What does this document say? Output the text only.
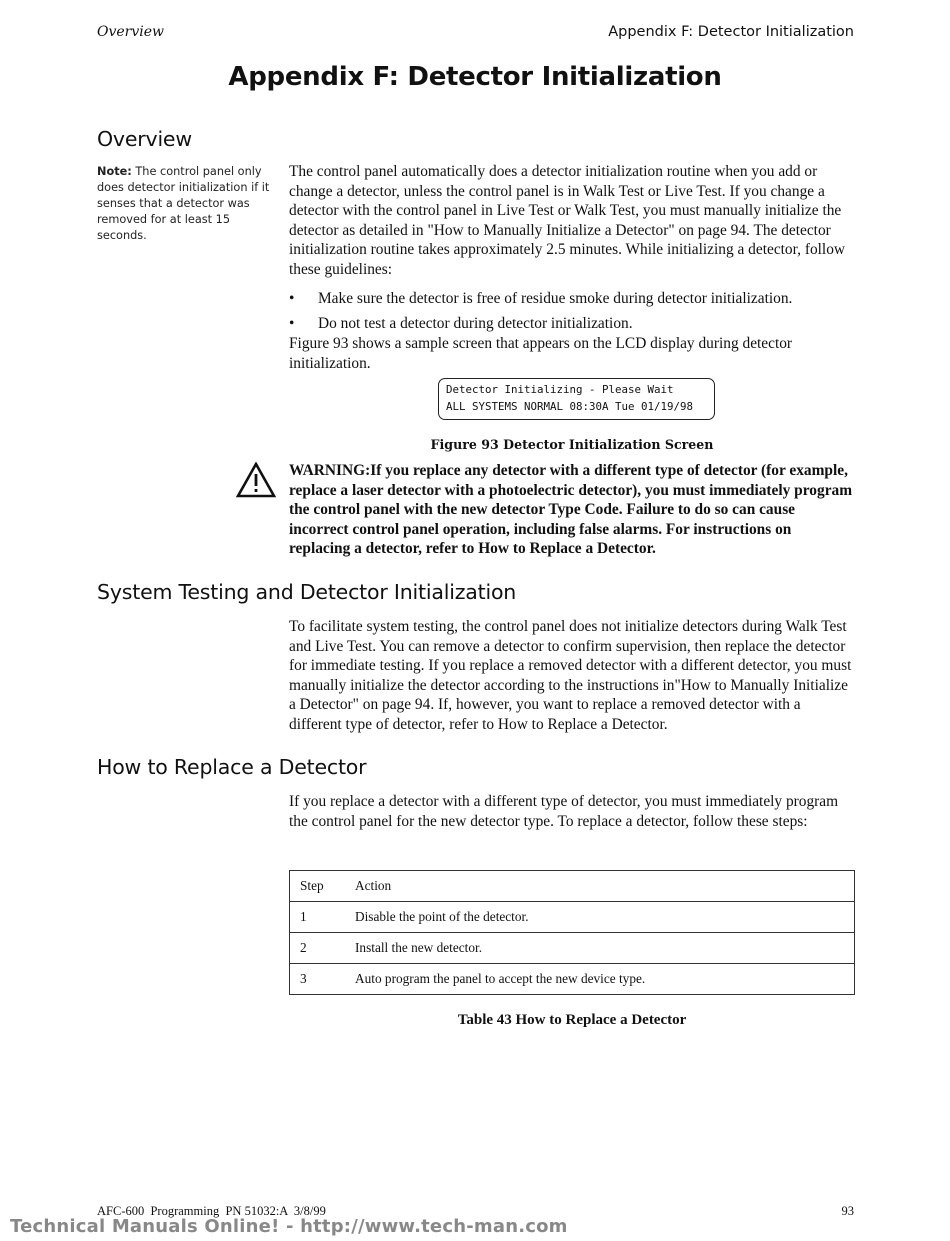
Overview	Appendix F: Detector Initialization
Appendix F: Detector Initialization
Overview
Note: The control panel only does detector initialization if it senses that a detector was removed for at least 15 seconds.

The control panel automatically does a detector initialization routine when you add or change a detector, unless the control panel is in Walk Test or Live Test. If you change a detector with the control panel in Live Test or Walk Test, you must manually initialize the detector as detailed in "How to Manually Initialize a Detector" on page 94. The detector initialization routine takes approximately 2.5 minutes. While initializing a detector, follow these guidelines:

• Make sure the detector is free of residue smoke during detector initialization.
• Do not test a detector during detector initialization.

Figure 93 shows a sample screen that appears on the LCD display during detector initialization.

Detector Initializing - Please Wait
ALL SYSTEMS NORMAL 08:30A Tue 01/19/98
Figure 93 Detector Initialization Screen

WARNING:If you replace any detector with a different type of detector (for example, replace a laser detector with a photoelectric detector), you must immediately program the control panel with the new detector Type Code. Failure to do so can cause incorrect control panel operation, including false alarms. For instructions on replacing a detector, refer to How to Replace a Detector.

System Testing and Detector Initialization

To facilitate system testing, the control panel does not initialize detectors during Walk Test and Live Test. You can remove a detector to confirm supervision, then replace the detector for immediate testing. If you replace a removed detector with a different detector, you must manually initialize the detector according to the instructions in"How to Manually Initialize a Detector" on page 94. If, however, you want to replace a removed detector with a different type of detector, refer to How to Replace a Detector.

How to Replace a Detector

If you replace a detector with a different type of detector, you must immediately program the control panel for the new detector type. To replace a detector, follow these steps:

Step	Action
1	Disable the point of the detector.
2	Install the new detector.
3	Auto program the panel to accept the new device type.
Table 43 How to Replace a Detector
AFC-600  Programming  PN 51032:A  3/8/99	93
Technical Manuals Online! - http://www.tech-man.com
